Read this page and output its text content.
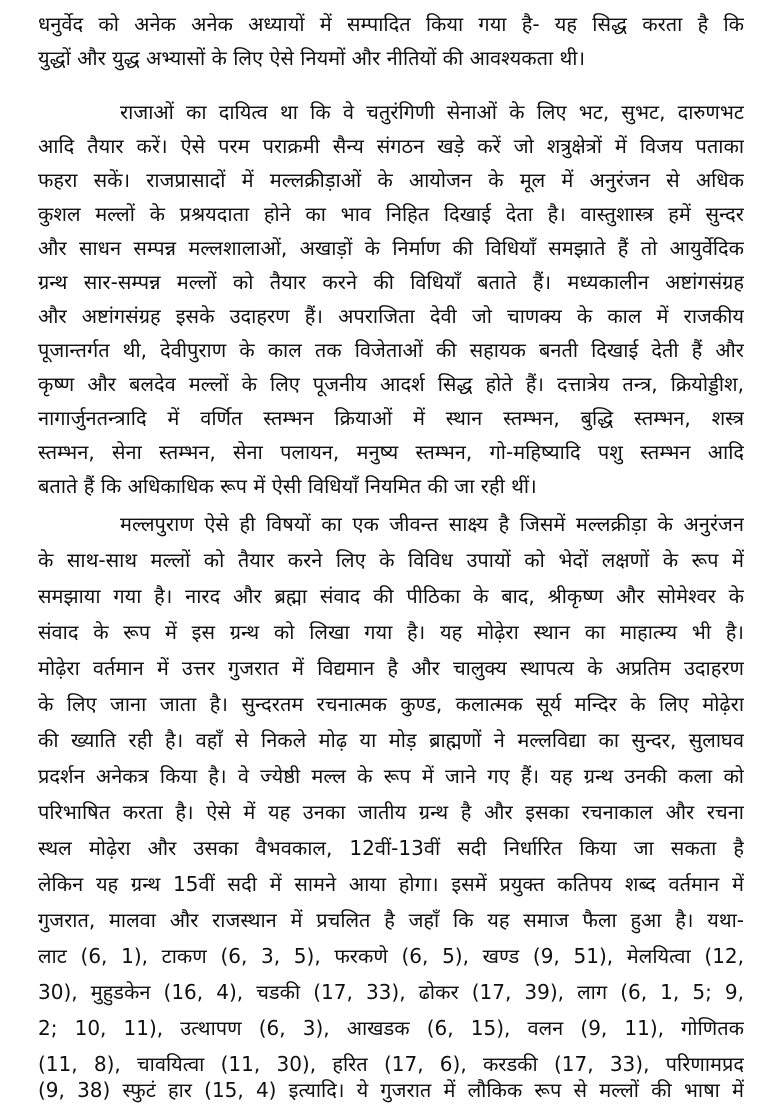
धनुर्वेद को अनेक अनेक अध्यायों में सम्पादित किया गया है- यह सिद्ध करता है कि
युद्धों और युद्ध अभ्यासों के लिए ऐसे नियमों और नीतियों की आवश्यकता थी।
राजाओं का दायित्व था कि वे चतुरंगिणी सेनाओं के लिए भट, सुभट, दारुणभट
आदि तैयार करें। ऐसे परम पराक्रमी सैन्य संगठन खड़े करें जो शत्रुक्षेत्रों में विजय पताका
फहरा सकें। राजप्रासादों में मल्लक्रीड़ाओं के आयोजन के मूल में अनुरंजन से अधिक
कुशल मल्लों के प्रश्रयदाता होने का भाव निहित दिखाई देता है। वास्तुशास्त्र हमें सुन्दर
और साधन सम्पन्न मल्लशालाओं, अखाड़ों के निर्माण की विधियाँ समझाते हैं तो आयुर्वेदिक
ग्रन्थ सार-सम्पन्न मल्लों को तैयार करने की विधियाँ बताते हैं। मध्यकालीन अष्टांगसंग्रह
और अष्टांगसंग्रह इसके उदाहरण हैं। अपराजिता देवी जो चाणक्य के काल में राजकीय
पूजान्तर्गत थी, देवीपुराण के काल तक विजेताओं की सहायक बनती दिखाई देती हैं और
कृष्ण और बलदेव मल्लों के लिए पूजनीय आदर्श सिद्ध होते हैं। दत्तात्रेय तन्त्र, क्रियोड्डीश,
नागार्जुनतन्त्रादि में वर्णित स्तम्भन क्रियाओं में स्थान स्तम्भन, बुद्धि स्तम्भन, शस्त्र
स्तम्भन, सेना स्तम्भन, सेना पलायन, मनुष्य स्तम्भन, गो-महिष्यादि पशु स्तम्भन आदि
बताते हैं कि अधिकाधिक रूप में ऐसी विधियाँ नियमित की जा रही थीं।
मल्लपुराण ऐसे ही विषयों का एक जीवन्त साक्ष्य है जिसमें मल्लक्रीड़ा के अनुरंजन
के साथ-साथ मल्लों को तैयार करने लिए के विविध उपायों को भेदों लक्षणों के रूप में
समझाया गया है। नारद और ब्रह्मा संवाद की पीठिका के बाद, श्रीकृष्ण और सोमेश्वर के
संवाद के रूप में इस ग्रन्थ को लिखा गया है। यह मोढ़ेरा स्थान का माहात्म्य भी है।
मोढ़ेरा वर्तमान में उत्तर गुजरात में विद्यमान है और चालुक्य स्थापत्य के अप्रतिम उदाहरण
के लिए जाना जाता है। सुन्दरतम रचनात्मक कुण्ड, कलात्मक सूर्य मन्दिर के लिए मोढ़ेरा
की ख्याति रही है। वहाँ से निकले मोढ़ या मोड़ ब्राह्मणों ने मल्लविद्या का सुन्दर, सुलाघव
प्रदर्शन अनेकत्र किया है। वे ज्येष्ठी मल्ल के रूप में जाने गए हैं। यह ग्रन्थ उनकी कला को
परिभाषित करता है। ऐसे में यह उनका जातीय ग्रन्थ है और इसका रचनाकाल और रचना
स्थल मोढ़ेरा और उसका वैभवकाल, 12वीं-13वीं सदी निर्धारित किया जा सकता है
लेकिन यह ग्रन्थ 15वीं सदी में सामने आया होगा। इसमें प्रयुक्त कतिपय शब्द वर्तमान में
गुजरात, मालवा और राजस्थान में प्रचलित है जहाँ कि यह समाज फैला हुआ है। यथा-
लाट (6, 1), टाकण (6, 3, 5), फरकणे (6, 5), खण्ड (9, 51), मेलयित्वा (12,
30), मुहुडकेन (16, 4), चडकी (17, 33), ढोकर (17, 39), लाग (6, 1, 5; 9,
2; 10, 11), उत्थापण (6, 3), आखडक (6, 15), वलन (9, 11), गोणितक
(11, 8), चावयित्वा (11, 30), हरित (17, 6), करडकी (17, 33), परिणामप्रद
(9, 38) स्फुटं हार (15, 4) इत्यादि। ये गुजरात में लौकिक रूप से मल्लों की भाषा में
